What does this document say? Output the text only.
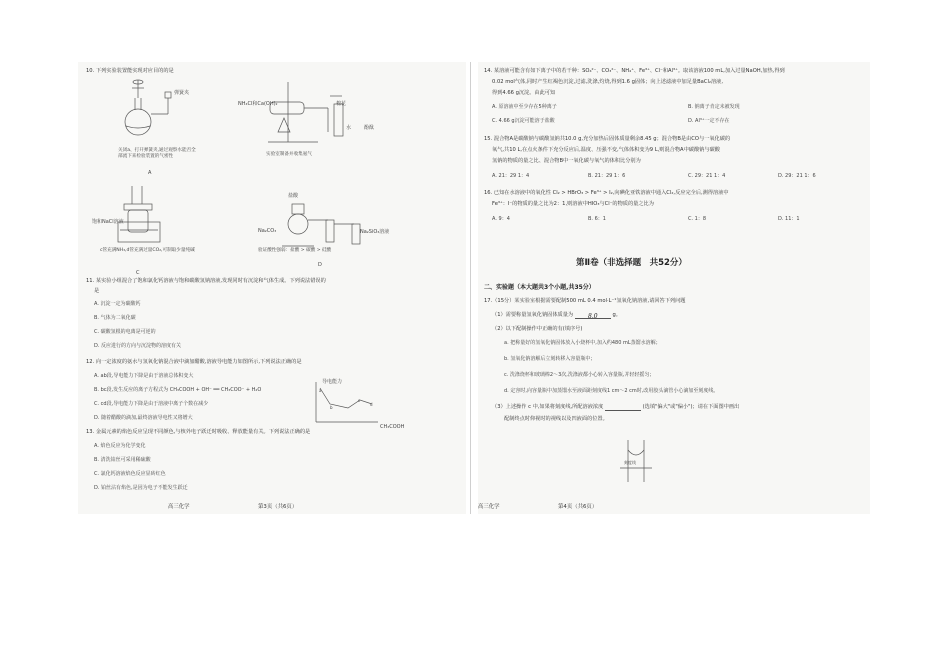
10. 下列实验装置能实现对应目的的是
弹簧夹
关闭a、打开弹簧夹,通过观察水能否全部流下来检验装置的气密性
A
NH₄Cl和Ca(OH)₂	棉花
水	酚酞
实验室制备并收集氨气
饱和NaCl溶液
c管充满NH₃,d管充满过量CO₂,可制取少量纯碱
C
盐酸
Na₂CO₃	Na₂SiO₃溶液
验证酸性强弱：盐酸 > 碳酸 > 硅酸
D
11. 某实验小组混合了饱和氯化钙溶液与饱和碳酸氢钠溶液,发现同时有沉淀和气体生成。下列说法错误的
是
A. 沉淀一定为碳酸钙
B. 气体为二氧化碳
C. 碳酸氢根的电离是可逆的
D. 反应进行的方向与沉淀物的溶度有关
12. 向一定浓度的氨水与氢氧化钠混合液中滴加醋酸,溶液导电能力如图所示,下列说法正确的是
A. ab段,导电能力下降是由于溶液总体积变大
B. bc段,发生反应的离子方程式为 CH₃COOH + OH⁻ ══ CH₃COO⁻ + H₂O
C. cd段,导电能力下降是由于溶液中离子个数在减少
D. 随着醋酸的滴加,最终溶液导电性又将增大
导电能力
CH₃COOH
a
b
c
d
13. 金属元素的焰色反应呈现不同颜色,与核外电子跃迁时吸收、释放能量有关。下列说法正确的是
A. 焰色反应为化学变化
B. 清洗铂丝可采用稀硫酸
C. 氯化钙溶液焰色反应显砖红色
D. 铂丝沾有焰色,是因为电子不能发生跃迁
高三化学	第3页（共6页）
14. 某溶液可能含有如下离子中的若干种：SO₄²⁻、CO₃²⁻、NH₄⁺、Fe³⁺、Cl⁻和Al³⁺。取该溶液100 mL,加入过量NaOH,加热,得到
0.02 mol气体,同时产生红褐色沉淀,过滤,洗涤,灼烧,得到1.6 g固体；向上述滤液中加足量BaCl₂溶液,
得到4.66 g沉淀。由此可知
A. 原溶液中至少存在5种离子	B. 钠离子肯定未被发现
C. 4.66 g沉淀可能溶于盐酸	D. Al³⁺一定不存在
15. 混合物A是碳酸钠与碳酸氢钠共10.0 g,充分加热后固体质量剩余8.45 g；混合物B是由CO与一氧化碳的
氧气,共10 L,在点火条件下充分反应后,温度、压强不变,气体体积变为9 L,则混合物A中碳酸钠与碳酸
氢钠的物质的量之比、混合物B中一氧化碳与氧气的体积比分别为
A. 21：29 1：4	B. 21：29 1：6	C. 29：21 1：4	D. 29：21 1：6
16. 已知在水溶液中的氧化性 Cl₂ > HBrO₃ > Fe³⁺ > I₂,向碘化亚铁溶液中通入Cl₂,反应完全后,测得溶液中
Fe³⁺：I⁻的物质的量之比为2：1,则溶液中HIO₃与Cl⁻的物质的量之比为
A. 9：4	B. 6：1	C. 1：8	D. 11：1
第Ⅱ卷（非选择题　共52分）
二、实验题（本大题共3个小题,共35分）
17.（15分）某实验室根据需要配制500 mL 0.4 mol·L⁻¹氢氧化钠溶液,请回答下列问题
（1）需要称量氢氧化钠固体质量为 8.0	g。
（2）以下配制操作中正确的有(填序号)
a. 把称量好的氢氧化钠固体放入小烧杯中,加入约480 mL蒸馏水溶解；
b. 氢氧化钠溶解后立刻转移入容量瓶中；
c. 洗涤烧杯和玻璃棒2～3次,洗涤液都小心转入容量瓶,并轻轻摇匀；
d. 定容时,向容量瓶中加蒸馏水至液面距刻度线1 cm～2 cm时,改用胶头滴管小心滴加至刻度线。
（3）上述操作 c 中,如果将刻度线,所配溶液浓度	(选填"偏大"或"偏小")；请在下面图中画出
配制终点时仰视时的视线以及凹液面的位置。
刻度线
高三化学	第4页（共6页）
